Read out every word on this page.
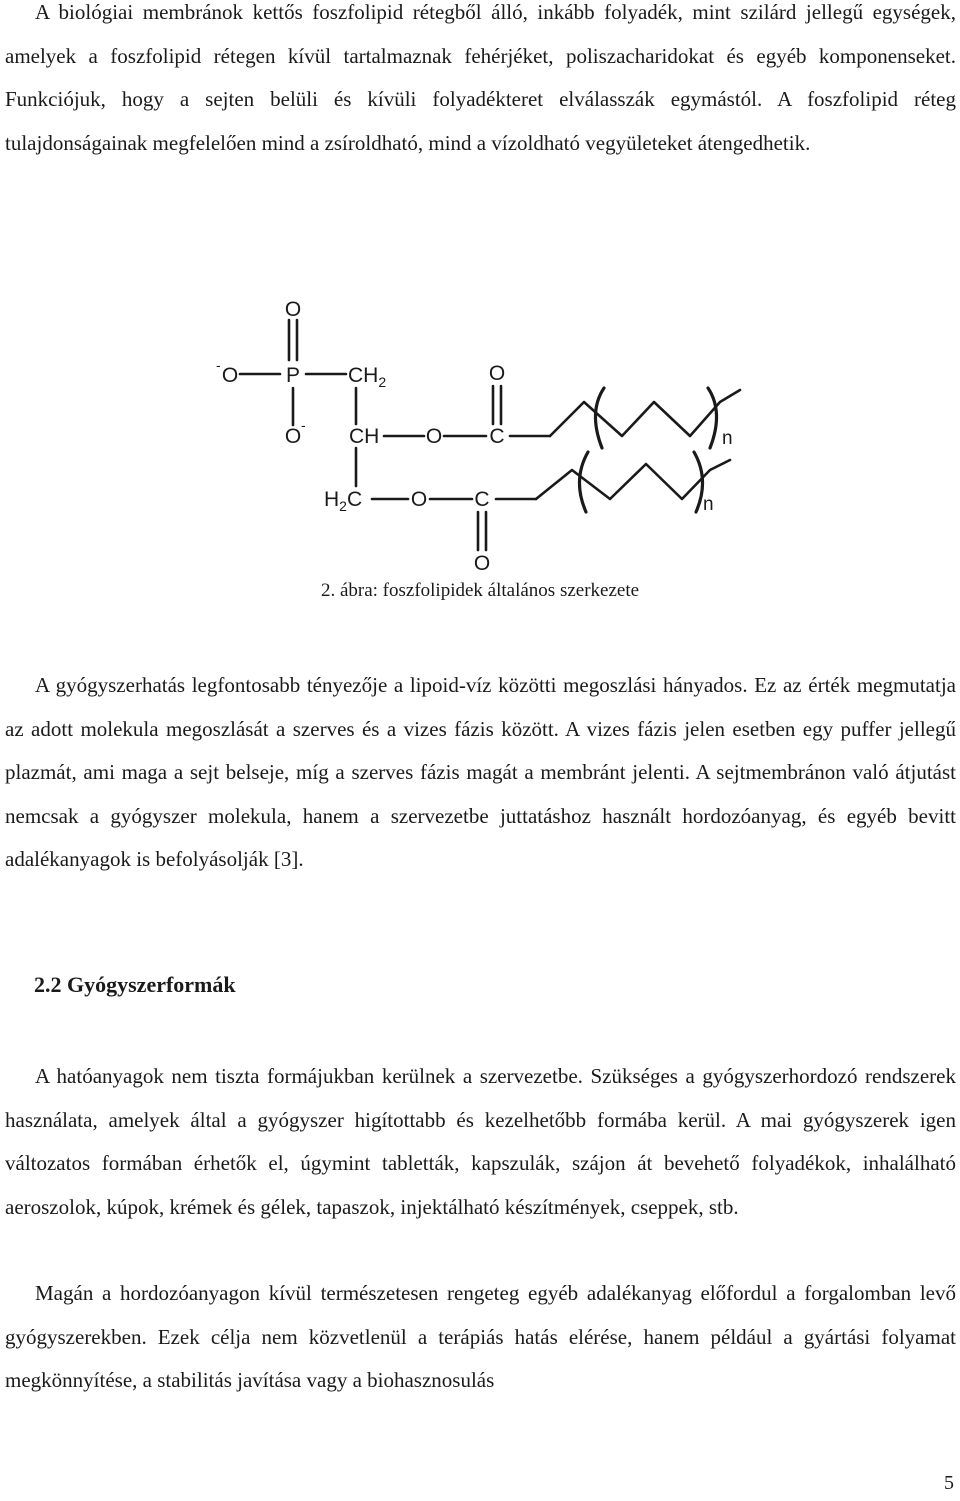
A biológiai membránok kettős foszfolipid rétegből álló, inkább folyadék, mint szilárd jellegű egységek, amelyek a foszfolipid rétegen kívül tartalmaznak fehérjéket, poliszacharidokat és egyéb komponenseket. Funkciójuk, hogy a sejten belüli és kívüli folyadékteret elválasszák egymástól. A foszfolipid réteg tulajdonságainak megfelelően mind a zsíroldható, mind a vízoldható vegyületeket átengedhetik.

O
- O P $CH_2$
O - CH O C
O
$H_2C$ O C
O
n
n

2. ábra: foszfolipidek általános szerkezete

A gyógyszerhatás legfontosabb tényezője a lipoid-víz közötti megoszlási hányados. Ez az érték megmutatja az adott molekula megoszlását a szerves és a vizes fázis között. A vizes fázis jelen esetben egy puffer jellegű plazmát, ami maga a sejt belseje, míg a szerves fázis magát a membránt jelenti. A sejtmembránon való átjutást nemcsak a gyógyszer molekula, hanem a szervezetbe juttatáshoz használt hordozóanyag, és egyéb bevitt adalékanyagok is befolyásolják [3].

2.2 Gyógyszerformák

A hatóanyagok nem tiszta formájukban kerülnek a szervezetbe. Szükséges a gyógyszerhordozó rendszerek használata, amelyek által a gyógyszer higítottabb és kezelhetőbb formába kerül. A mai gyógyszerek igen változatos formában érhetők el, úgymint tabletták, kapszulák, szájon át bevehető folyadékok, inhalálható aeroszolok, kúpok, krémek és gélek, tapaszok, injektálható készítmények, cseppek, stb.

Magán a hordozóanyagon kívül természetesen rengeteg egyéb adalékanyag előfordul a forgalomban levő gyógyszerekben. Ezek célja nem közvetlenül a terápiás hatás elérése, hanem például a gyártási folyamat megkönnyítése, a stabilitás javítása vagy a biohasznosulás

5
